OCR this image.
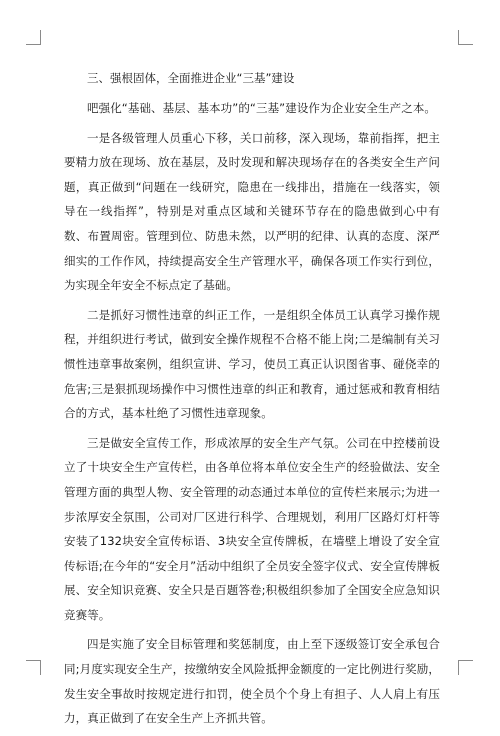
三、强根固体，全面推进企业“三基”建设

吧强化“基础、基层、基本功”的“三基”建设作为企业安全生产之本。

一是各级管理人员重心下移，关口前移，深入现场，靠前指挥，把主要精力放在现场、放在基层，及时发现和解决现场存在的各类安全生产问题，真正做到“问题在一线研究，隐患在一线排出，措施在一线落实，领导在一线指挥”，特别是对重点区域和关键环节存在的隐患做到心中有数、布置周密。管理到位、防患未然，以严明的纪律、认真的态度、深严细实的工作作风，持续提高安全生产管理水平，确保各项工作实行到位，为实现全年安全不标点定了基础。

二是抓好习惯性违章的纠正工作，一是组织全体员工认真学习操作规程，并组织进行考试，做到安全操作规程不合格不能上岗;二是编制有关习惯性违章事故案例，组织宣讲、学习，使员工真正认识图省事、碰侥幸的危害;三是狠抓现场操作中习惯性违章的纠正和教育，通过惩戒和教育相结合的方式，基本杜绝了习惯性违章现象。

三是做安全宣传工作，形成浓厚的安全生产气氛。公司在中控楼前设立了十块安全生产宣传栏，由各单位将本单位安全生产的经验做法、安全管理方面的典型人物、安全管理的动态通过本单位的宣传栏来展示;为进一步浓厚安全氛围，公司对厂区进行科学、合理规划，利用厂区路灯灯杆等安装了132块安全宣传标语、3块安全宣传牌板，在墙壁上增设了安全宣传标语;在今年的“安全月”活动中组织了全员安全签字仪式、安全宣传牌板展、安全知识竞赛、安全只是百题答卷;积极组织参加了全国安全应急知识竞赛等。

四是实施了安全目标管理和奖惩制度，由上至下逐级签订安全承包合同;月度实现安全生产，按缴纳安全风险抵押金额度的一定比例进行奖励，发生安全事故时按规定进行扣罚，使全员个个身上有担子、人人肩上有压力，真正做到了在安全生产上齐抓共管。
